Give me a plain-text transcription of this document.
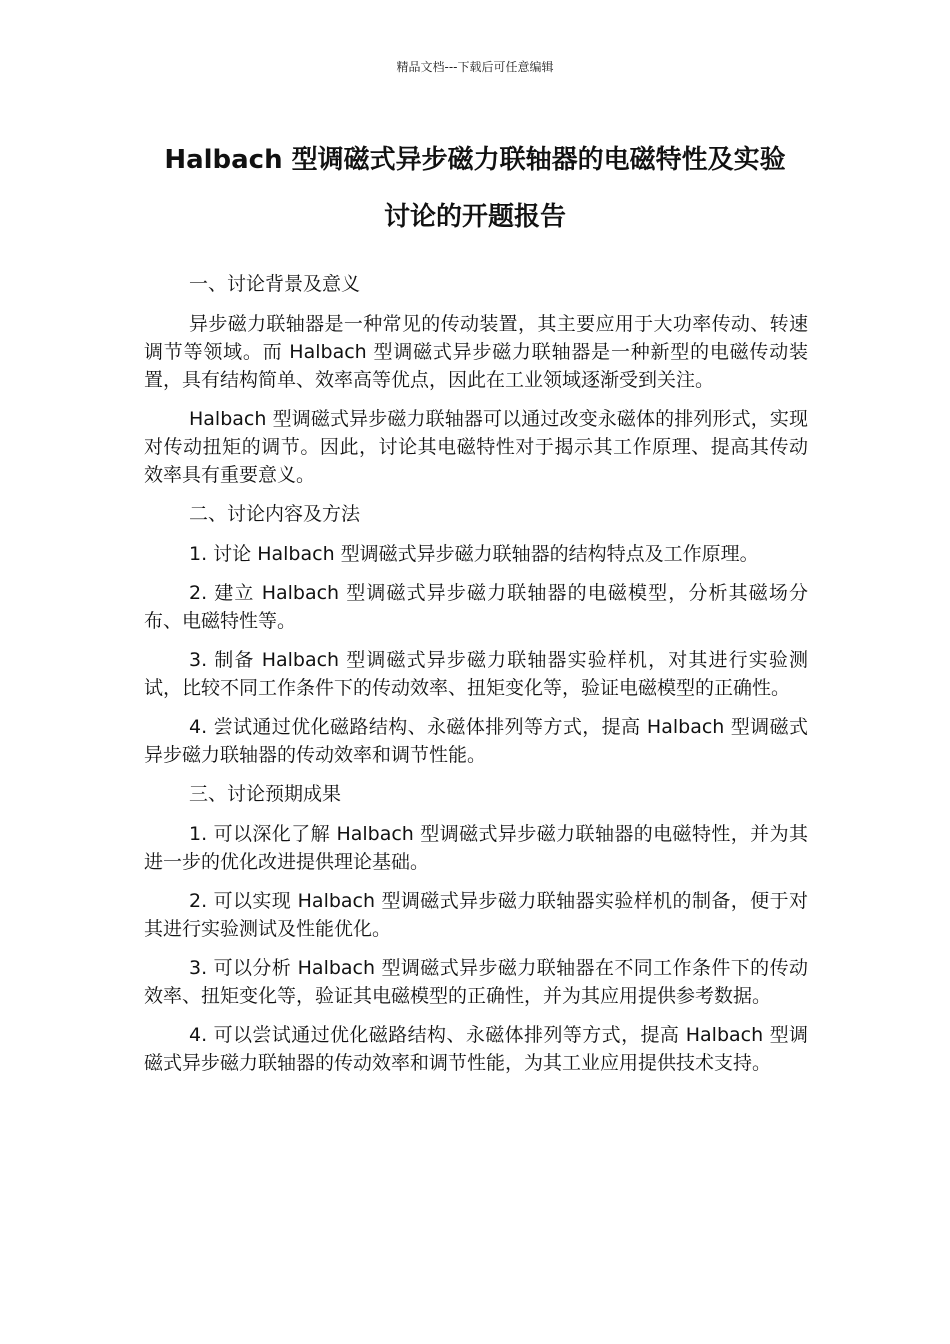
精品文档---下载后可任意编辑
Halbach 型调磁式异步磁力联轴器的电磁特性及实验
讨论的开题报告

一、讨论背景及意义

异步磁力联轴器是一种常见的传动装置，其主要应用于大功率传动、转速调节等领域。而 Halbach 型调磁式异步磁力联轴器是一种新型的电磁传动装置，具有结构简单、效率高等优点，因此在工业领域逐渐受到关注。

Halbach 型调磁式异步磁力联轴器可以通过改变永磁体的排列形式，实现对传动扭矩的调节。因此，讨论其电磁特性对于揭示其工作原理、提高其传动效率具有重要意义。

二、讨论内容及方法

1. 讨论 Halbach 型调磁式异步磁力联轴器的结构特点及工作原理。

2. 建立 Halbach 型调磁式异步磁力联轴器的电磁模型，分析其磁场分布、电磁特性等。

3. 制备 Halbach 型调磁式异步磁力联轴器实验样机，对其进行实验测试，比较不同工作条件下的传动效率、扭矩变化等，验证电磁模型的正确性。

4. 尝试通过优化磁路结构、永磁体排列等方式，提高 Halbach 型调磁式异步磁力联轴器的传动效率和调节性能。

三、讨论预期成果

1. 可以深化了解 Halbach 型调磁式异步磁力联轴器的电磁特性，并为其进一步的优化改进提供理论基础。

2. 可以实现 Halbach 型调磁式异步磁力联轴器实验样机的制备，便于对其进行实验测试及性能优化。

3. 可以分析 Halbach 型调磁式异步磁力联轴器在不同工作条件下的传动效率、扭矩变化等，验证其电磁模型的正确性，并为其应用提供参考数据。

4. 可以尝试通过优化磁路结构、永磁体排列等方式，提高 Halbach 型调磁式异步磁力联轴器的传动效率和调节性能，为其工业应用提供技术支持。
